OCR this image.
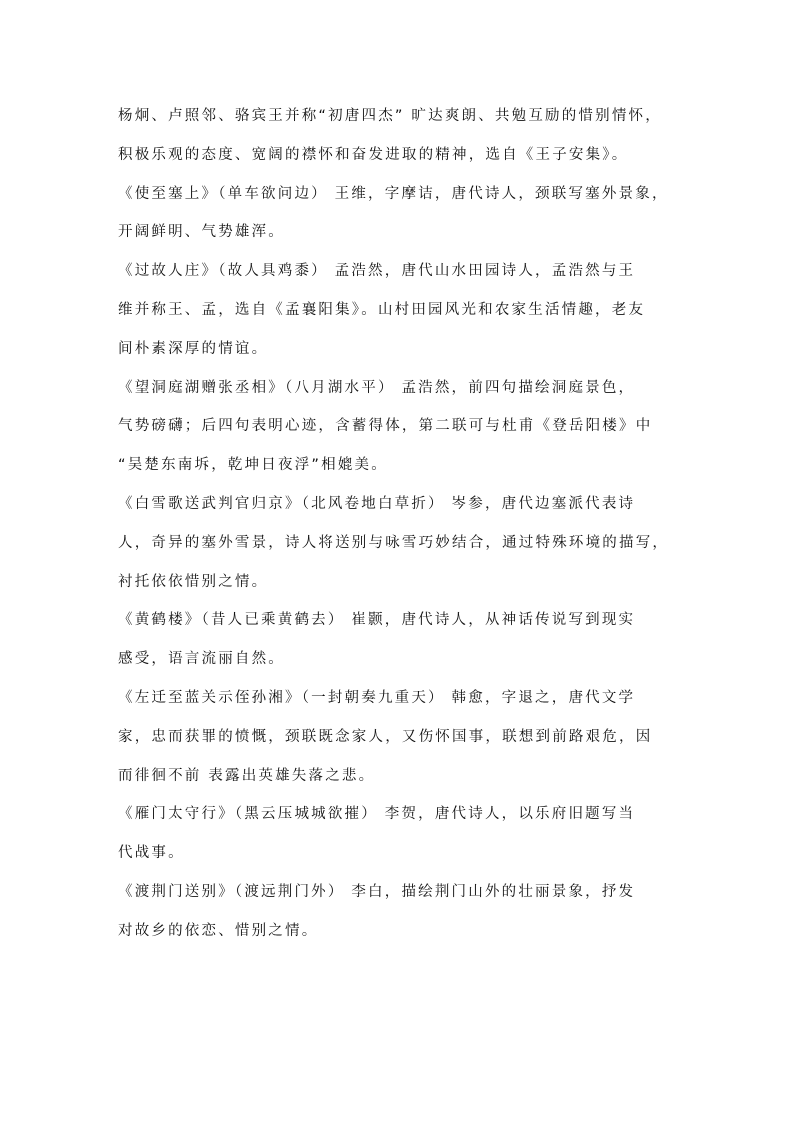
杨炯、卢照邻、骆宾王并称“初唐四杰” 旷达爽朗、共勉互励的惜别情怀，
积极乐观的态度、宽阔的襟怀和奋发进取的精神，选自《王子安集》。
《使至塞上》（单车欲问边） 王维，字摩诘，唐代诗人，颈联写塞外景象，
开阔鲜明、气势雄浑。
《过故人庄》（故人具鸡黍） 孟浩然，唐代山水田园诗人，孟浩然与王
维并称王、孟，选自《孟襄阳集》。山村田园风光和农家生活情趣，老友
间朴素深厚的情谊。
《望洞庭湖赠张丞相》（八月湖水平） 孟浩然，前四句描绘洞庭景色，
气势磅礴；后四句表明心迹，含蓄得体，第二联可与杜甫《登岳阳楼》中
“吴楚东南坼，乾坤日夜浮”相媲美。
《白雪歌送武判官归京》（北风卷地白草折） 岑参，唐代边塞派代表诗
人，奇异的塞外雪景，诗人将送别与咏雪巧妙结合，通过特殊环境的描写，
衬托依依惜别之情。
《黄鹤楼》（昔人已乘黄鹤去） 崔颢，唐代诗人，从神话传说写到现实
感受，语言流丽自然。
《左迁至蓝关示侄孙湘》（一封朝奏九重天） 韩愈，字退之，唐代文学
家，忠而获罪的愤慨，颈联既念家人，又伤怀国事，联想到前路艰危，因
而徘徊不前 表露出英雄失落之悲。
《雁门太守行》（黑云压城城欲摧） 李贺，唐代诗人，以乐府旧题写当
代战事。
《渡荆门送别》（渡远荆门外） 李白，描绘荆门山外的壮丽景象，抒发
对故乡的依恋、惜别之情。
